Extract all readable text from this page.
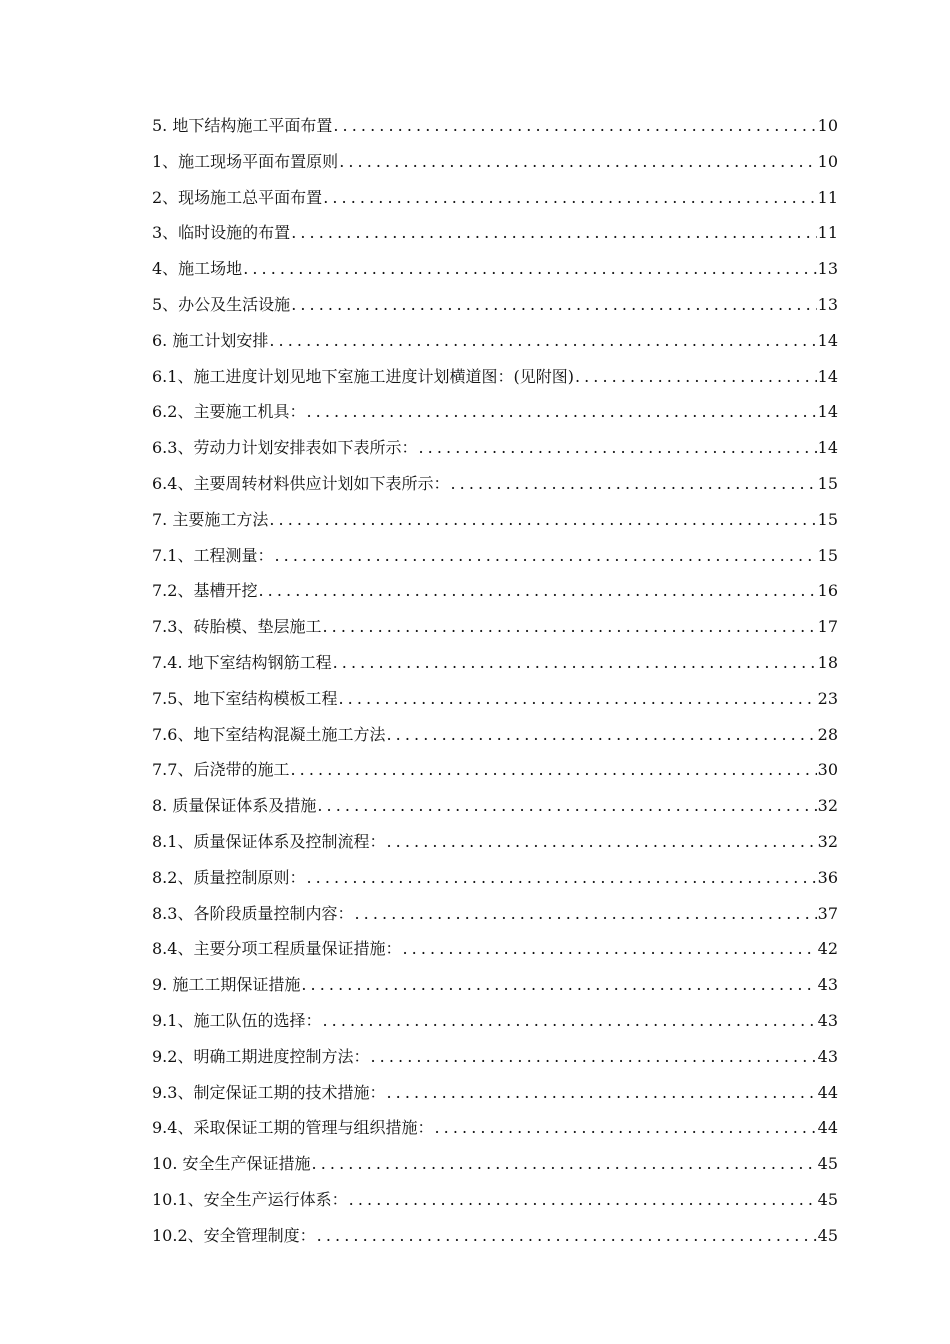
5. 地下结构施工平面布置 .....	10
1、施工现场平面布置原则 .....	10
2、现场施工总平面布置 .....	11
3、临时设施的布置 .....	11
4、施工场地 .....	13
5、办公及生活设施 .....	13
6. 施工计划安排 .....	14
6.1、施工进度计划见地下室施工进度计划横道图：(见附图) .....	14
6.2、主要施工机具： .....	14
6.3、劳动力计划安排表如下表所示： .....	14
6.4、主要周转材料供应计划如下表所示： .....	15
7. 主要施工方法 .....	15
7.1、工程测量： .....	15
7.2、基槽开挖 .....	16
7.3、砖胎模、垫层施工 .....	17
7.4. 地下室结构钢筋工程 .....	18
7.5、地下室结构模板工程 .....	23
7.6、地下室结构混凝土施工方法 .....	28
7.7、后浇带的施工 .....	30
8. 质量保证体系及措施 .....	32
8.1、质量保证体系及控制流程： .....	32
8.2、质量控制原则： .....	36
8.3、各阶段质量控制内容： .....	37
8.4、主要分项工程质量保证措施： .....	42
9. 施工工期保证措施 .....	43
9.1、施工队伍的选择： .....	43
9.2、明确工期进度控制方法： .....	43
9.3、制定保证工期的技术措施： .....	44
9.4、采取保证工期的管理与组织措施： .....	44
10. 安全生产保证措施 .....	45
10.1、安全生产运行体系： .....	45
10.2、安全管理制度： .....	45
